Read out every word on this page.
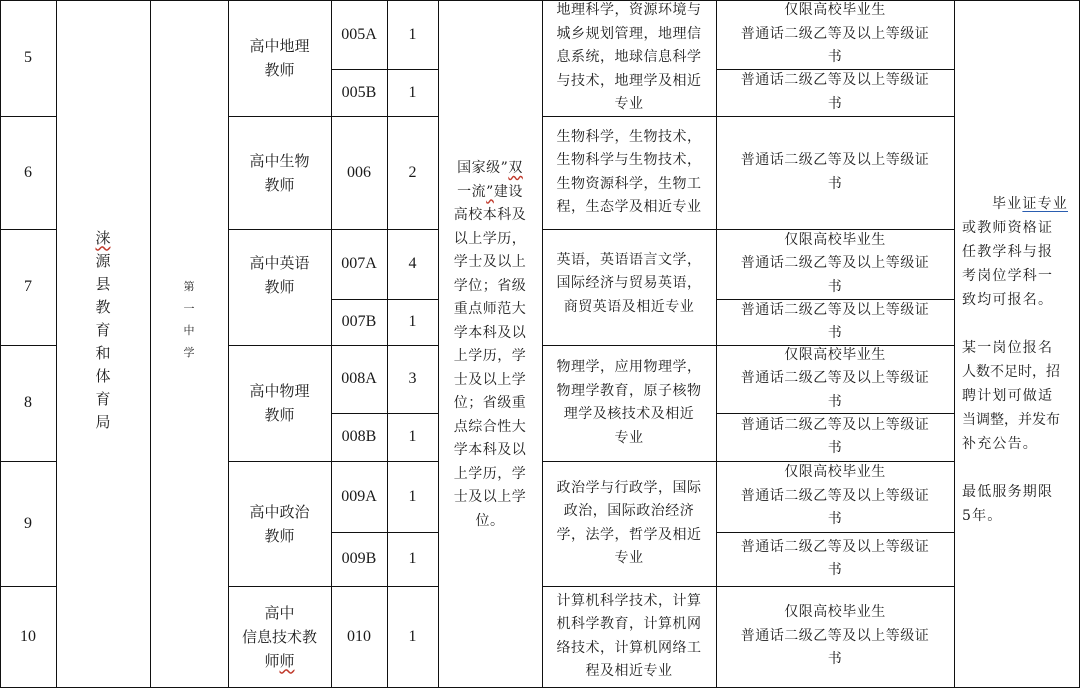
5
6
7
8
9
10
涞
源
县
教
育
和
体
育
局
第
一
中
学
高中地理
教师
高中生物
教师
高中英语
教师
高中物理
教师
高中政治
教师
高中
信息技术教
师师
005A
005B
006
007A
007B
008A
008B
009A
009B
010
1
1
2
4
1
3
1
1
1
1
国家级”双
一流”建设
高校本科及
以上学历，
学士及以上
学位；省级
重点师范大
学本科及以
上学历，学
士及以上学
位；省级重
点综合性大
学本科及以
上学历，学
士及以上学
位。
地理科学，资源环境与
城乡规划管理，地理信
息系统，地球信息科学
与技术，地理学及相近
专业
生物科学，生物技术，
生物科学与生物技术，
生物资源科学，生物工
程，生态学及相近专业
英语，英语语言文学，
国际经济与贸易英语，
商贸英语及相近专业
物理学，应用物理学，
物理学教育，原子核物
理学及核技术及相近
专业
政治学与行政学，国际
政治，国际政治经济
学，法学，哲学及相近
专业
计算机科学技术，计算
机科学教育，计算机网
络技术，计算机网络工
程及相近专业
仅限高校毕业生
普通话二级乙等及以上等级证
书
普通话二级乙等及以上等级证
书
普通话二级乙等及以上等级证
书
仅限高校毕业生
普通话二级乙等及以上等级证
书
普通话二级乙等及以上等级证
书
仅限高校毕业生
普通话二级乙等及以上等级证
书
普通话二级乙等及以上等级证
书
仅限高校毕业生
普通话二级乙等及以上等级证
书
普通话二级乙等及以上等级证
书
仅限高校毕业生
普通话二级乙等及以上等级证
书
毕业证专业
或教师资格证
任教学科与报
考岗位学科一
致均可报名。
某一岗位报名
人数不足时，招
聘计划可做适
当调整，并发布
补充公告。
最低服务期限
5年。
